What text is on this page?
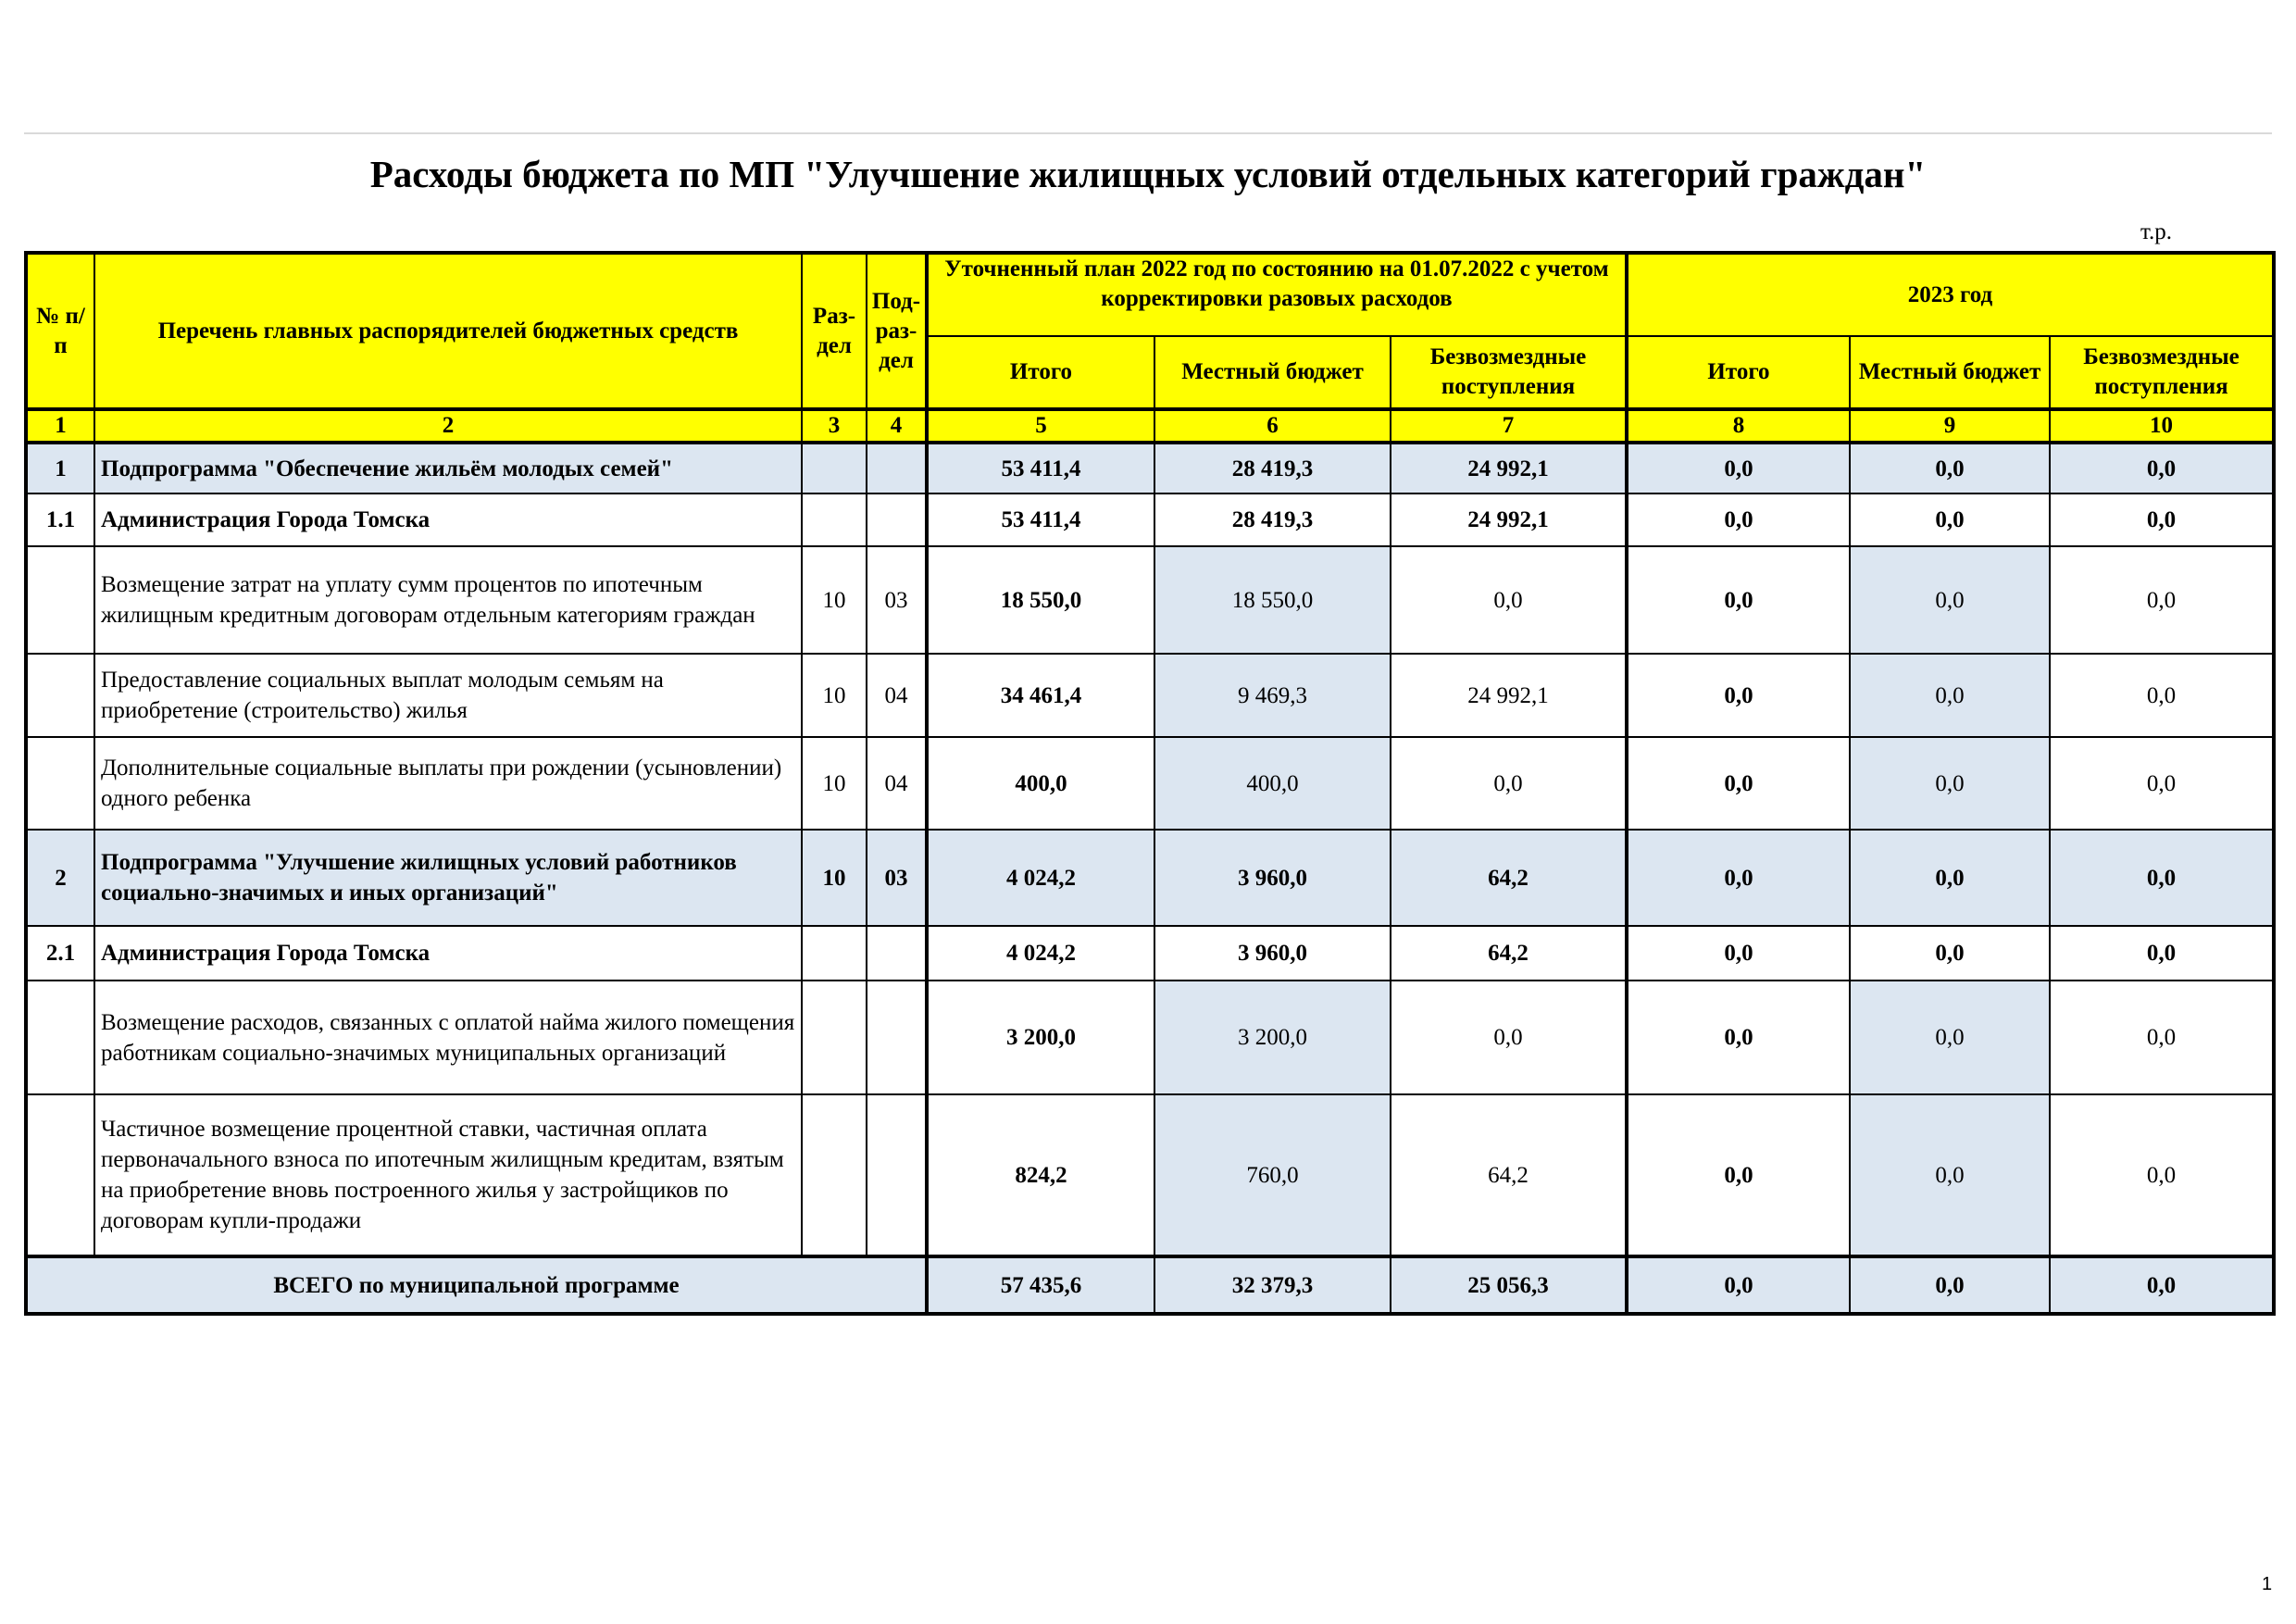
Расходы бюджета по МП "Улучшение жилищных условий отдельных категорий граждан"
т.р.
№ п/п	Перечень главных распорядителей бюджетных средств	Раз-дел	Под-раз-дел	Уточненный план 2022 год по состоянию на 01.07.2022 с учетом корректировки разовых расходов			2023 год		
				Итого	Местный бюджет	Безвозмездные поступления	Итого	Местный бюджет	Безвозмездные поступления
1	2	3	4	5	6	7	8	9	10
1	Подпрограмма "Обеспечение жильём молодых семей"			53 411,4	28 419,3	24 992,1	0,0	0,0	0,0
1.1	Администрация Города Томска			53 411,4	28 419,3	24 992,1	0,0	0,0	0,0
	Возмещение затрат на уплату сумм процентов по ипотечным жилищным кредитным договорам отдельным категориям граждан	10	03	18 550,0	18 550,0	0,0	0,0	0,0	0,0
	Предоставление социальных выплат молодым семьям на приобретение (строительство) жилья	10	04	34 461,4	9 469,3	24 992,1	0,0	0,0	0,0
	Дополнительные социальные выплаты при рождении (усыновлении) одного ребенка	10	04	400,0	400,0	0,0	0,0	0,0	0,0
2	Подпрограмма "Улучшение жилищных условий работников социально-значимых и иных организаций"	10	03	4 024,2	3 960,0	64,2	0,0	0,0	0,0
2.1	Администрация Города Томска			4 024,2	3 960,0	64,2	0,0	0,0	0,0
	Возмещение расходов, связанных с оплатой найма жилого помещения работникам социально-значимых муниципальных организаций			3 200,0	3 200,0	0,0	0,0	0,0	0,0
	Частичное возмещение процентной ставки, частичная оплата первоначального взноса по ипотечным жилищным кредитам, взятым на приобретение вновь построенного жилья у застройщиков по договорам купли-продажи			824,2	760,0	64,2	0,0	0,0	0,0
ВСЕГО по муниципальной программе				57 435,6	32 379,3	25 056,3	0,0	0,0	0,0
1
